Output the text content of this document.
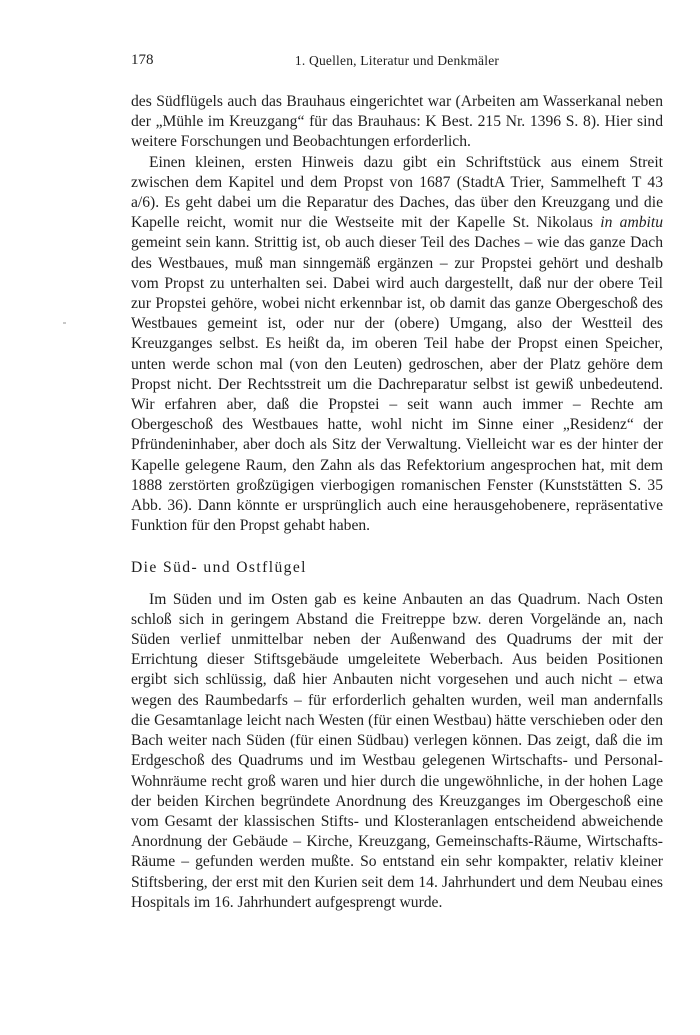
178	1. Quellen, Literatur und Denkmäler

des Südflügels auch das Brauhaus eingerichtet war (Arbeiten am Wasserkanal neben der „Mühle im Kreuzgang“ für das Brauhaus: K Best. 215 Nr. 1396 S. 8). Hier sind weitere Forschungen und Beobachtungen erforderlich.

Einen kleinen, ersten Hinweis dazu gibt ein Schriftstück aus einem Streit zwischen dem Kapitel und dem Propst von 1687 (StadtA Trier, Sammelheft T 43 a/6). Es geht dabei um die Reparatur des Daches, das über den Kreuzgang und die Kapelle reicht, womit nur die Westseite mit der Kapelle St. Nikolaus in ambitu gemeint sein kann. Strittig ist, ob auch dieser Teil des Daches – wie das ganze Dach des Westbaues, muß man sinngemäß ergänzen – zur Propstei gehört und deshalb vom Propst zu unterhalten sei. Dabei wird auch dargestellt, daß nur der obere Teil zur Propstei gehöre, wobei nicht erkennbar ist, ob damit das ganze Obergeschoß des Westbaues gemeint ist, oder nur der (obere) Umgang, also der Westteil des Kreuzganges selbst. Es heißt da, im oberen Teil habe der Propst einen Speicher, unten werde schon mal (von den Leuten) gedroschen, aber der Platz gehöre dem Propst nicht. Der Rechtsstreit um die Dachreparatur selbst ist gewiß unbedeutend. Wir erfahren aber, daß die Propstei – seit wann auch immer – Rechte am Obergeschoß des Westbaues hatte, wohl nicht im Sinne einer „Residenz“ der Pfründeninhaber, aber doch als Sitz der Verwaltung. Vielleicht war es der hinter der Kapelle gelegene Raum, den Zahn als das Refektorium angesprochen hat, mit dem 1888 zerstörten großzügigen vierbogigen romanischen Fenster (Kunststätten S. 35 Abb. 36). Dann könnte er ursprünglich auch eine herausgehobenere, repräsentative Funktion für den Propst gehabt haben.

Die Süd- und Ostflügel

Im Süden und im Osten gab es keine Anbauten an das Quadrum. Nach Osten schloß sich in geringem Abstand die Freitreppe bzw. deren Vorgelände an, nach Süden verlief unmittelbar neben der Außenwand des Quadrums der mit der Errichtung dieser Stiftsgebäude umgeleitete Weberbach. Aus beiden Positionen ergibt sich schlüssig, daß hier Anbauten nicht vorgesehen und auch nicht – etwa wegen des Raumbedarfs – für erforderlich gehalten wurden, weil man andernfalls die Gesamtanlage leicht nach Westen (für einen Westbau) hätte verschieben oder den Bach weiter nach Süden (für einen Südbau) verlegen können. Das zeigt, daß die im Erdgeschoß des Quadrums und im Westbau gelegenen Wirtschafts- und Personal-Wohnräume recht groß waren und hier durch die ungewöhnliche, in der hohen Lage der beiden Kirchen begründete Anordnung des Kreuzganges im Obergeschoß eine vom Gesamt der klassischen Stifts- und Klosteranlagen entscheidend abweichende Anordnung der Gebäude – Kirche, Kreuzgang, Gemeinschafts-Räume, Wirtschafts-Räume – gefunden werden mußte. So entstand ein sehr kompakter, relativ kleiner Stiftsbering, der erst mit den Kurien seit dem 14. Jahrhundert und dem Neubau eines Hospitals im 16. Jahrhundert aufgesprengt wurde.
